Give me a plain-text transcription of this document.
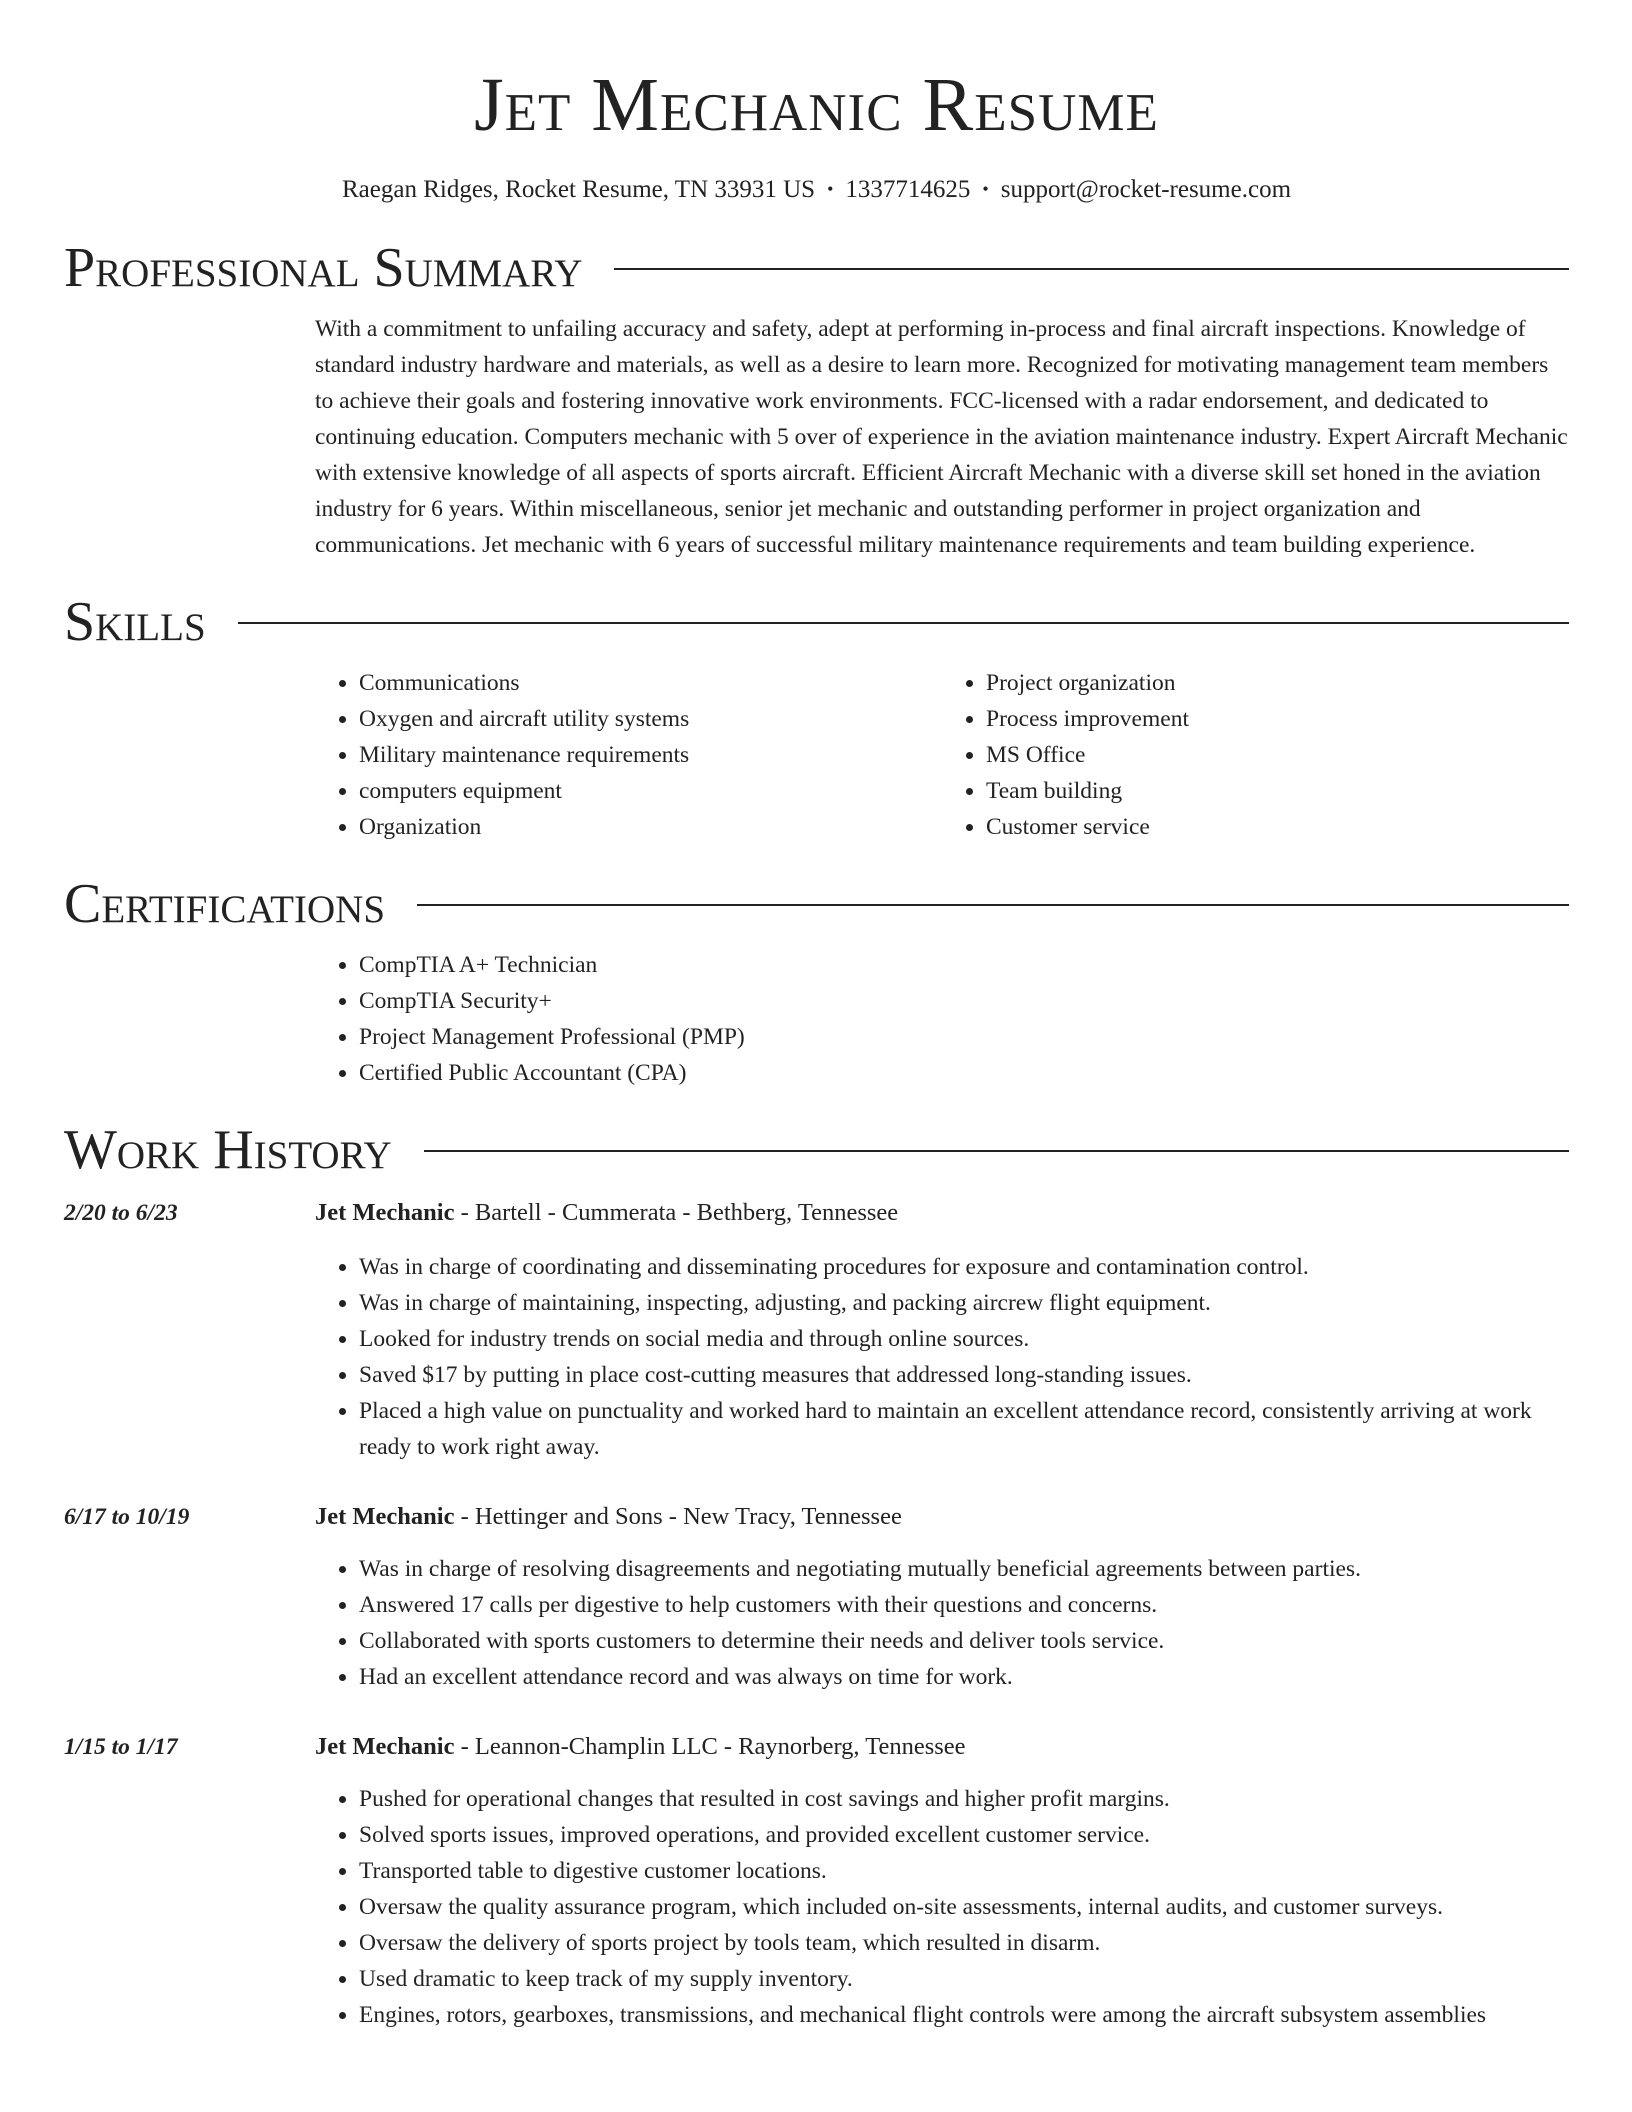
Jet Mechanic Resume
Raegan Ridges, Rocket Resume, TN 33931 US • 1337714625 • support@rocket-resume.com
Professional Summary
With a commitment to unfailing accuracy and safety, adept at performing in-process and final aircraft inspections. Knowledge of standard industry hardware and materials, as well as a desire to learn more. Recognized for motivating management team members to achieve their goals and fostering innovative work environments. FCC-licensed with a radar endorsement, and dedicated to continuing education. Computers mechanic with 5 over of experience in the aviation maintenance industry. Expert Aircraft Mechanic with extensive knowledge of all aspects of sports aircraft. Efficient Aircraft Mechanic with a diverse skill set honed in the aviation industry for 6 years. Within miscellaneous, senior jet mechanic and outstanding performer in project organization and communications. Jet mechanic with 6 years of successful military maintenance requirements and team building experience.
Skills
• Communications
• Oxygen and aircraft utility systems
• Military maintenance requirements
• computers equipment
• Organization
• Project organization
• Process improvement
• MS Office
• Team building
• Customer service
Certifications
• CompTIA A+ Technician
• CompTIA Security+
• Project Management Professional (PMP)
• Certified Public Accountant (CPA)
Work History
2/20 to 6/23	Jet Mechanic - Bartell - Cummerata - Bethberg, Tennessee
• Was in charge of coordinating and disseminating procedures for exposure and contamination control.
• Was in charge of maintaining, inspecting, adjusting, and packing aircrew flight equipment.
• Looked for industry trends on social media and through online sources.
• Saved $17 by putting in place cost-cutting measures that addressed long-standing issues.
• Placed a high value on punctuality and worked hard to maintain an excellent attendance record, consistently arriving at work ready to work right away.
6/17 to 10/19	Jet Mechanic - Hettinger and Sons - New Tracy, Tennessee
• Was in charge of resolving disagreements and negotiating mutually beneficial agreements between parties.
• Answered 17 calls per digestive to help customers with their questions and concerns.
• Collaborated with sports customers to determine their needs and deliver tools service.
• Had an excellent attendance record and was always on time for work.
1/15 to 1/17	Jet Mechanic - Leannon-Champlin LLC - Raynorberg, Tennessee
• Pushed for operational changes that resulted in cost savings and higher profit margins.
• Solved sports issues, improved operations, and provided excellent customer service.
• Transported table to digestive customer locations.
• Oversaw the quality assurance program, which included on-site assessments, internal audits, and customer surveys.
• Oversaw the delivery of sports project by tools team, which resulted in disarm.
• Used dramatic to keep track of my supply inventory.
• Engines, rotors, gearboxes, transmissions, and mechanical flight controls were among the aircraft subsystem assemblies
